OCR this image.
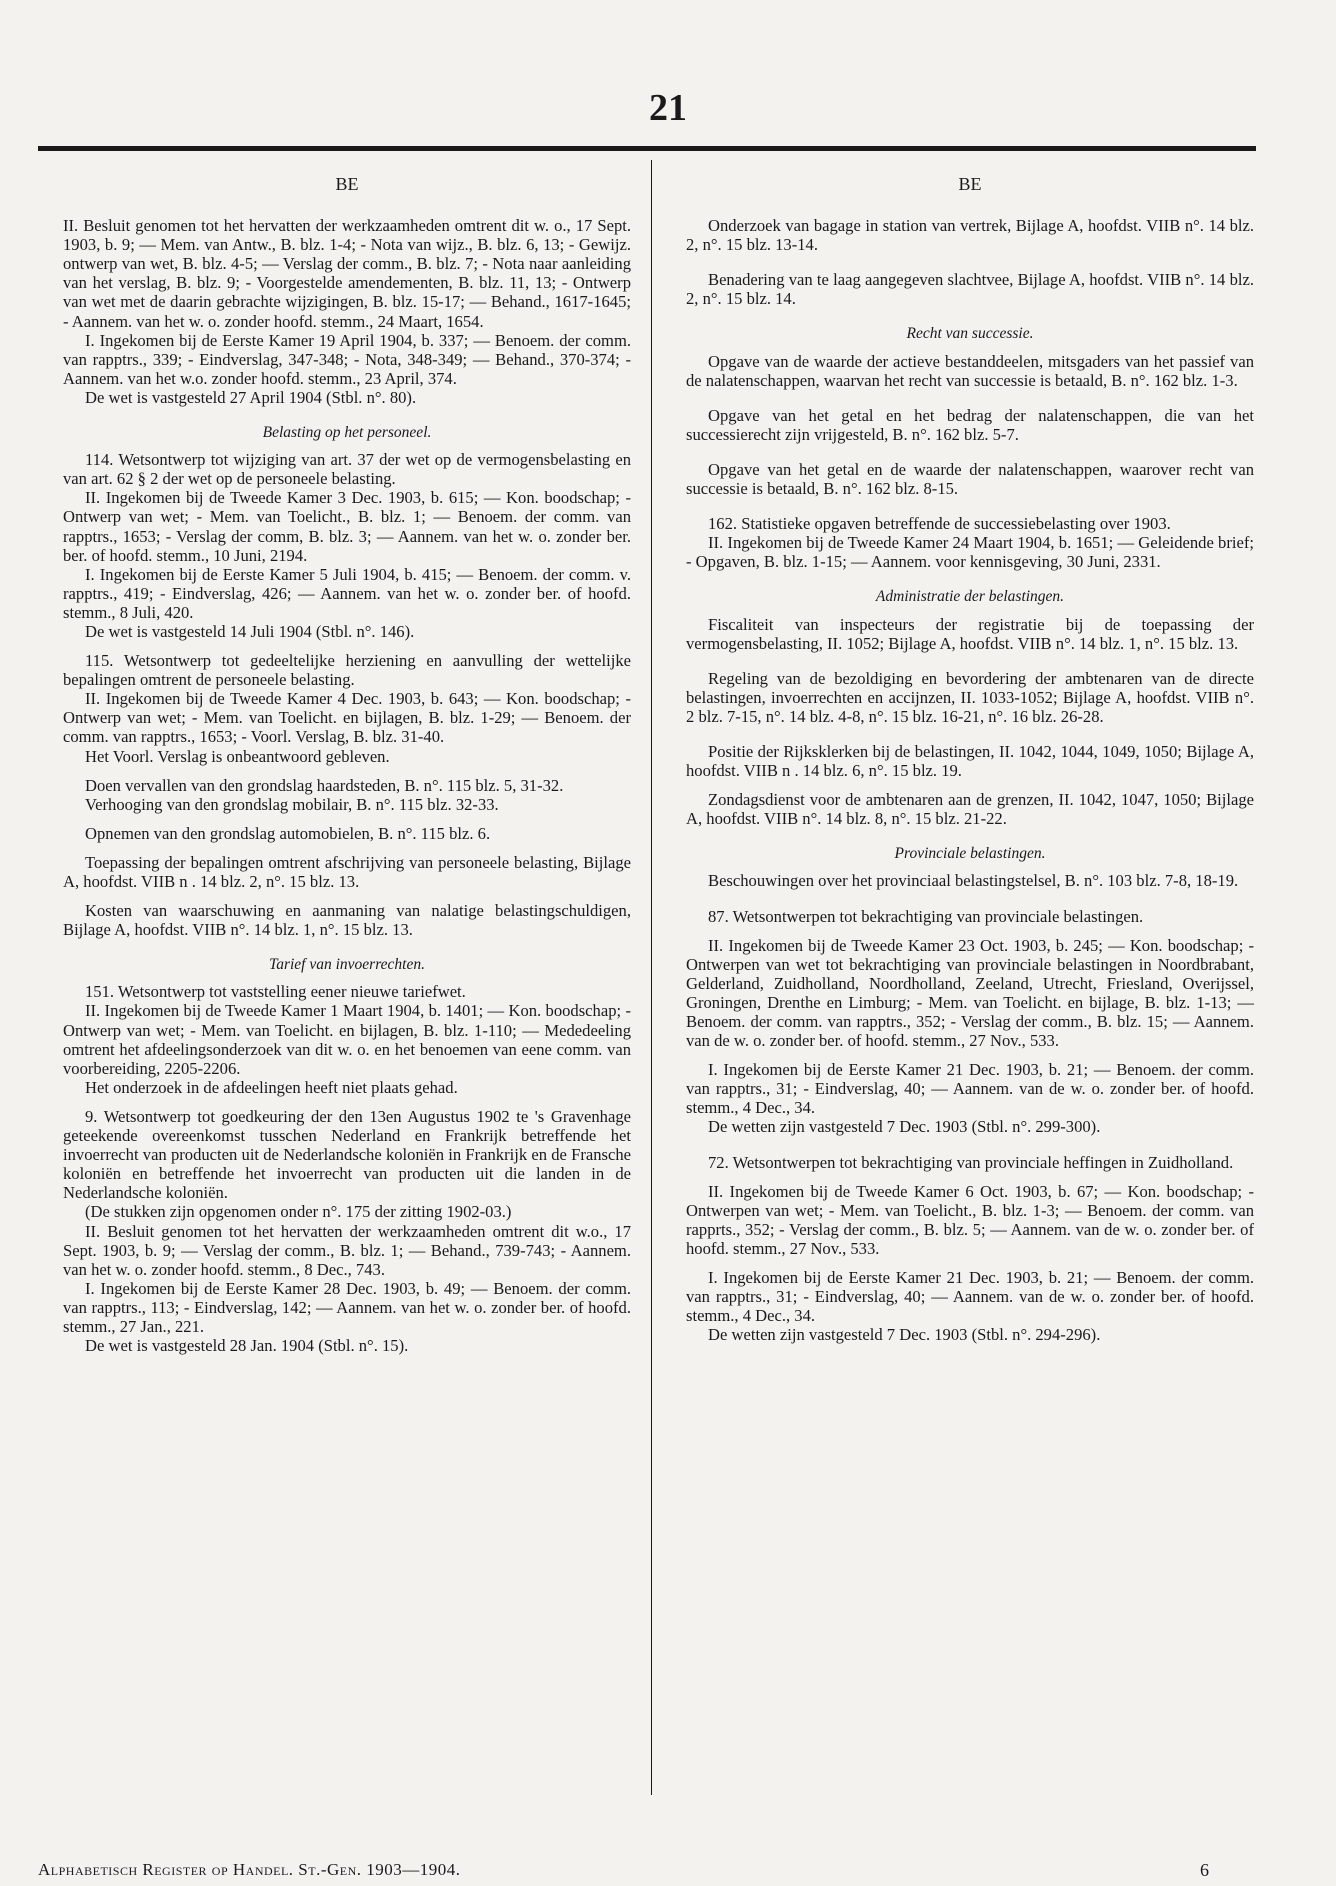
21
BE

II. Besluit genomen tot het hervatten der werkzaamheden omtrent dit w. o., 17 Sept. 1903, b. 9; — Mem. van Antw., B. blz. 1-4; - Nota van wijz., B. blz. 6, 13; - Gewijz. ontwerp van wet, B. blz. 4-5; — Verslag der comm., B. blz. 7; - Nota naar aanleiding van het verslag, B. blz. 9; - Voorgestelde amendementen, B. blz. 11, 13; - Ontwerp van wet met de daarin gebrachte wijzigingen, B. blz. 15-17; — Behand., 1617-1645; - Aannem. van het w. o. zonder hoofd. stemm., 24 Maart, 1654.

I. Ingekomen bij de Eerste Kamer 19 April 1904, b. 337; — Benoem. der comm. van rapptrs., 339; - Eindverslag, 347-348; - Nota, 348-349; — Behand., 370-374; - Aannem. van het w.o. zonder hoofd. stemm., 23 April, 374.

De wet is vastgesteld 27 April 1904 (Stbl. n°. 80).

Belasting op het personeel.

114. Wetsontwerp tot wijziging van art. 37 der wet op de vermogensbelasting en van art. 62 § 2 der wet op de personeele belasting.

II. Ingekomen bij de Tweede Kamer 3 Dec. 1903, b. 615; — Kon. boodschap; - Ontwerp van wet; - Mem. van Toelicht., B. blz. 1; — Benoem. der comm. van rapptrs., 1653; - Verslag der comm, B. blz. 3; — Aannem. van het w. o. zonder ber. ber. of hoofd. stemm., 10 Juni, 2194.

I. Ingekomen bij de Eerste Kamer 5 Juli 1904, b. 415; — Benoem. der comm. v. rapptrs., 419; - Eindverslag, 426; — Aannem. van het w. o. zonder ber. of hoofd. stemm., 8 Juli, 420.

De wet is vastgesteld 14 Juli 1904 (Stbl. n°. 146).

115. Wetsontwerp tot gedeeltelijke herziening en aanvulling der wettelijke bepalingen omtrent de personeele belasting.

II. Ingekomen bij de Tweede Kamer 4 Dec. 1903, b. 643; — Kon. boodschap; - Ontwerp van wet; - Mem. van Toelicht. en bijlagen, B. blz. 1-29; — Benoem. der comm. van rapptrs., 1653; - Voorl. Verslag, B. blz. 31-40.

Het Voorl. Verslag is onbeantwoord gebleven.

Doen vervallen van den grondslag haardsteden, B. n°. 115 blz. 5, 31-32.

Verhooging van den grondslag mobilair, B. n°. 115 blz. 32-33.

Opnemen van den grondslag automobielen, B. n°. 115 blz. 6.

Toepassing der bepalingen omtrent afschrijving van personeele belasting, Bijlage A, hoofdst. VIIB n . 14 blz. 2, n°. 15 blz. 13.

Kosten van waarschuwing en aanmaning van nalatige belastingschuldigen, Bijlage A, hoofdst. VIIB n°. 14 blz. 1, n°. 15 blz. 13.

Tarief van invoerrechten.

151. Wetsontwerp tot vaststelling eener nieuwe tariefwet.

II. Ingekomen bij de Tweede Kamer 1 Maart 1904, b. 1401; — Kon. boodschap; - Ontwerp van wet; - Mem. van Toelicht. en bijlagen, B. blz. 1-110; — Mededeeling omtrent het afdeelingsonderzoek van dit w. o. en het benoemen van eene comm. van voorbereiding, 2205-2206.

Het onderzoek in de afdeelingen heeft niet plaats gehad.

9. Wetsontwerp tot goedkeuring der den 13en Augustus 1902 te 's Gravenhage geteekende overeenkomst tusschen Nederland en Frankrijk betreffende het invoerrecht van producten uit de Nederlandsche koloniën in Frankrijk en de Fransche koloniën en betreffende het invoerrecht van producten uit die landen in de Nederlandsche koloniën.

(De stukken zijn opgenomen onder n°. 175 der zitting 1902-03.)

II. Besluit genomen tot het hervatten der werkzaamheden omtrent dit w.o., 17 Sept. 1903, b. 9; — Verslag der comm., B. blz. 1; — Behand., 739-743; - Aannem. van het w. o. zonder hoofd. stemm., 8 Dec., 743.

I. Ingekomen bij de Eerste Kamer 28 Dec. 1903, b. 49; — Benoem. der comm. van rapptrs., 113; - Eindverslag, 142; — Aannem. van het w. o. zonder ber. of hoofd. stemm., 27 Jan., 221.

De wet is vastgesteld 28 Jan. 1904 (Stbl. n°. 15).

BE

Onderzoek van bagage in station van vertrek, Bijlage A, hoofdst. VIIB n°. 14 blz. 2, n°. 15 blz. 13-14.

Benadering van te laag aangegeven slachtvee, Bijlage A, hoofdst. VIIB n°. 14 blz. 2, n°. 15 blz. 14.

Recht van successie.

Opgave van de waarde der actieve bestanddeelen, mitsgaders van het passief van de nalatenschappen, waarvan het recht van successie is betaald, B. n°. 162 blz. 1-3.

Opgave van het getal en het bedrag der nalatenschappen, die van het successierecht zijn vrijgesteld, B. n°. 162 blz. 5-7.

Opgave van het getal en de waarde der nalatenschappen, waarover recht van successie is betaald, B. n°. 162 blz. 8-15.

162. Statistieke opgaven betreffende de successiebelasting over 1903.

II. Ingekomen bij de Tweede Kamer 24 Maart 1904, b. 1651; — Geleidende brief; - Opgaven, B. blz. 1-15; — Aannem. voor kennisgeving, 30 Juni, 2331.

Administratie der belastingen.

Fiscaliteit van inspecteurs der registratie bij de toepassing der vermogensbelasting, II. 1052; Bijlage A, hoofdst. VIIB n°. 14 blz. 1, n°. 15 blz. 13.

Regeling van de bezoldiging en bevordering der ambtenaren van de directe belastingen, invoerrechten en accijnzen, II. 1033-1052; Bijlage A, hoofdst. VIIB n°. 2 blz. 7-15, n°. 14 blz. 4-8, n°. 15 blz. 16-21, n°. 16 blz. 26-28.

Positie der Rijksklerken bij de belastingen, II. 1042, 1044, 1049, 1050; Bijlage A, hoofdst. VIIB n . 14 blz. 6, n°. 15 blz. 19.

Zondagsdienst voor de ambtenaren aan de grenzen, II. 1042, 1047, 1050; Bijlage A, hoofdst. VIIB n°. 14 blz. 8, n°. 15 blz. 21-22.

Provinciale belastingen.

Beschouwingen over het provinciaal belastingstelsel, B. n°. 103 blz. 7-8, 18-19.

87. Wetsontwerpen tot bekrachtiging van provinciale belastingen.

II. Ingekomen bij de Tweede Kamer 23 Oct. 1903, b. 245; — Kon. boodschap; - Ontwerpen van wet tot bekrachtiging van provinciale belastingen in Noordbrabant, Gelderland, Zuidholland, Noordholland, Zeeland, Utrecht, Friesland, Overijssel, Groningen, Drenthe en Limburg; - Mem. van Toelicht. en bijlage, B. blz. 1-13; — Benoem. der comm. van rapptrs., 352; - Verslag der comm., B. blz. 15; — Aannem. van de w. o. zonder ber. of hoofd. stemm., 27 Nov., 533.

I. Ingekomen bij de Eerste Kamer 21 Dec. 1903, b. 21; — Benoem. der comm. van rapptrs., 31; - Eindverslag, 40; — Aannem. van de w. o. zonder ber. of hoofd. stemm., 4 Dec., 34.

De wetten zijn vastgesteld 7 Dec. 1903 (Stbl. n°. 299-300).

72. Wetsontwerpen tot bekrachtiging van provinciale heffingen in Zuidholland.

II. Ingekomen bij de Tweede Kamer 6 Oct. 1903, b. 67; — Kon. boodschap; - Ontwerpen van wet; - Mem. van Toelicht., B. blz. 1-3; — Benoem. der comm. van rapprts., 352; - Verslag der comm., B. blz. 5; — Aannem. van de w. o. zonder ber. of hoofd. stemm., 27 Nov., 533.

I. Ingekomen bij de Eerste Kamer 21 Dec. 1903, b. 21; — Benoem. der comm. van rapptrs., 31; - Eindverslag, 40; — Aannem. van de w. o. zonder ber. of hoofd. stemm., 4 Dec., 34.

De wetten zijn vastgesteld 7 Dec. 1903 (Stbl. n°. 294-296).

Alphabetisch Register op Handel. St.-Gen. 1903—1904.	6
